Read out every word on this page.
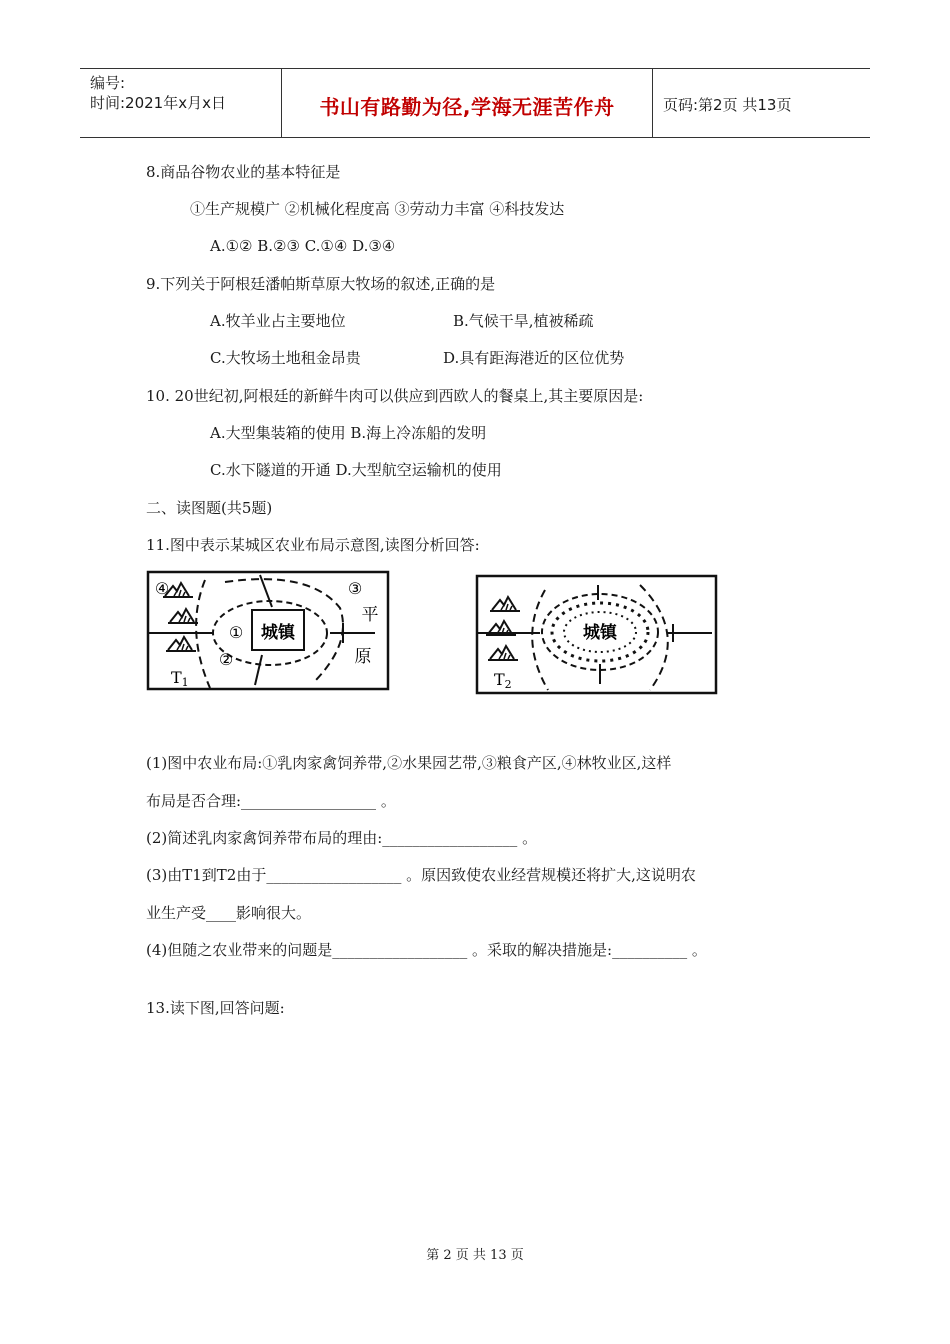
编号:
时间:2021年x月x日	书山有路勤为径,学海无涯苦作舟	页码:第2页 共13页
8.商品谷物农业的基本特征是
①生产规模广 ②机械化程度高 ③劳动力丰富 ④科技发达
A.①② B.②③ C.①④ D.③④
9.下列关于阿根廷潘帕斯草原大牧场的叙述,正确的是
A.牧羊业占主要地位	B.气候干旱,植被稀疏
C.大牧场土地租金昂贵	D.具有距海港近的区位优势
10. 20世纪初,阿根廷的新鲜牛肉可以供应到西欧人的餐桌上,其主要原因是:
A.大型集装箱的使用 B.海上冷冻船的发明
C.水下隧道的开通 D.大型航空运输机的使用
二、读图题(共5题)
11.图中表示某城区农业布局示意图,读图分析回答:
城镇
①
②
③
④
平
原
T1
城镇
T2
(1)图中农业布局:①乳肉家禽饲养带,②水果园艺带,③粮食产区,④林牧业区,这样
布局是否合理:__________________ 。
(2)简述乳肉家禽饲养带布局的理由:__________________ 。
(3)由T1到T2由于__________________ 。原因致使农业经营规模还将扩大,这说明农
业生产受____影响很大。
(4)但随之农业带来的问题是__________________ 。采取的解决措施是:__________ 。
13.读下图,回答问题:
第 2 页 共 13 页
